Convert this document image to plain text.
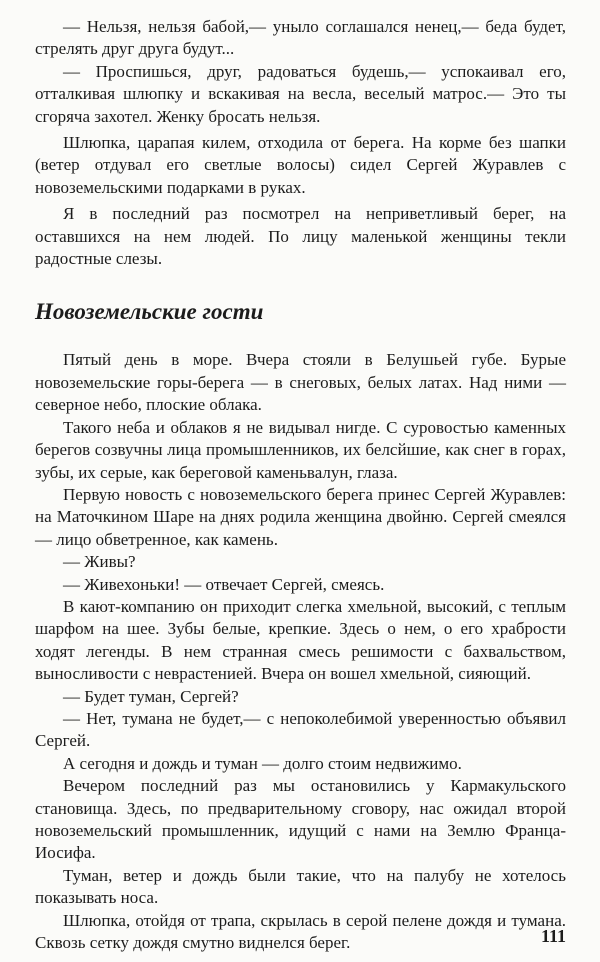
— Нельзя, нельзя бабой,— уныло соглашался ненец,— беда будет, стрелять друг друга будут...

— Проспишься, друг, радоваться будешь,— успокаивал его, отталкивая шлюпку и вскакивая на весла, веселый матрос.— Это ты сгоряча захотел. Женку бросать нельзя.

Шлюпка, царапая килем, отходила от берега. На корме без шапки (ветер отдувал его светлые волосы) сидел Сергей Журавлев с новоземельскими подарками в руках.

Я в последний раз посмотрел на неприветливый берег, на оставшихся на нем людей. По лицу маленькой женщины текли радостные слезы.

Новоземельские гости

Пятый день в море. Вчера стояли в Белушьей губе. Бурые новоземельские горы-берега — в снеговых, белых латах. Над ними — северное небо, плоские облака.

Такого неба и облаков я не видывал нигде. С суровостью каменных берегов созвучны лица промышленников, их белсйшие, как снег в горах, зубы, их серые, как береговой каменьвалун, глаза.

Первую новость с новоземельского берега принес Сергей Журавлев: на Маточкином Шаре на днях родила женщина двойню. Сергей смеялся — лицо обветренное, как камень.

— Живы?

— Живехоньки! — отвечает Сергей, смеясь.

В кают-компанию он приходит слегка хмельной, высокий, с теплым шарфом на шее. Зубы белые, крепкие. Здесь о нем, о его храбрости ходят легенды. В нем странная смесь решимости с бахвальством, выносливости с неврастенией. Вчера он вошел хмельной, сияющий.

— Будет туман, Сергей?

— Нет, тумана не будет,— с непоколебимой уверенностью объявил Сергей.

А сегодня и дождь и туман — долго стоим недвижимо.

Вечером последний раз мы остановились у Кармакульского становища. Здесь, по предварительному сговору, нас ожидал второй новоземельский промышленник, идущий с нами на Землю Франца-Иосифа.

Туман, ветер и дождь были такие, что на палубу не хотелось показывать носа.

Шлюпка, отойдя от трапа, скрылась в серой пелене дождя и тумана. Сквозь сетку дождя смутно виднелся берег.	111
